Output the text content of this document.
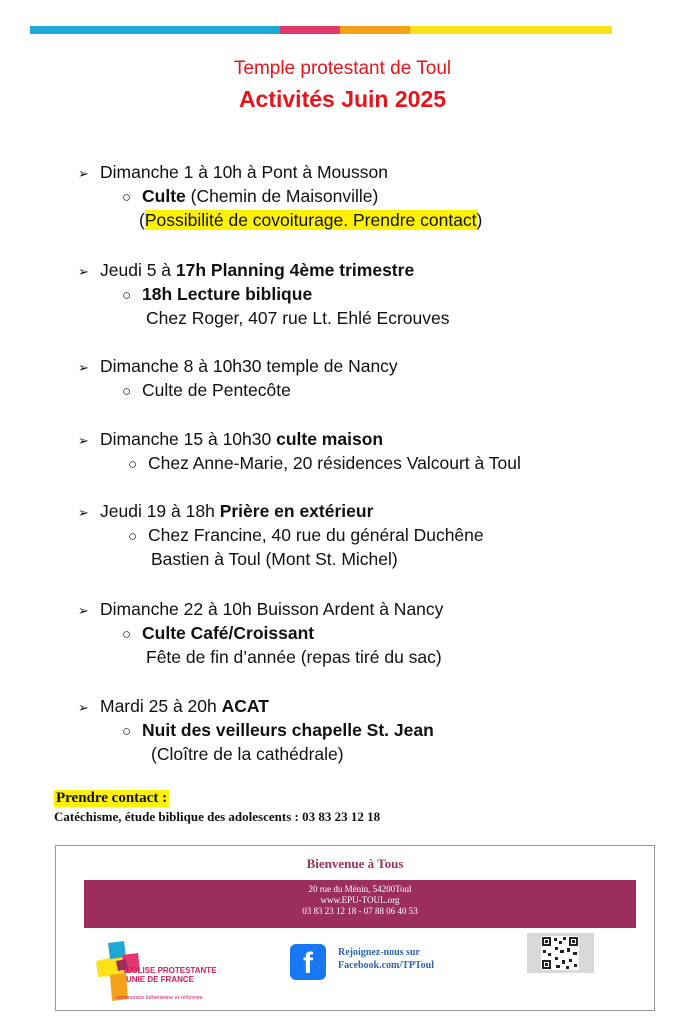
Temple protestant de Toul
Activités Juin 2025
➢ Dimanche 1 à 10h à Pont à Mousson
○ Culte (Chemin de Maisonville)
(Possibilité de covoiturage. Prendre contact)
➢ Jeudi 5 à 17h Planning 4ème trimestre
○ 18h Lecture biblique
Chez Roger, 407 rue Lt. Ehlé Ecrouves
➢ Dimanche 8 à 10h30 temple de Nancy
○ Culte de Pentecôte
➢ Dimanche 15 à 10h30 culte maison
○ Chez Anne-Marie, 20 résidences Valcourt à Toul
➢ Jeudi 19 à 18h Prière en extérieur
○ Chez Francine, 40 rue du général Duchêne
Bastien à Toul (Mont St. Michel)
➢ Dimanche 22 à 10h Buisson Ardent à Nancy
○ Culte Café/Croissant
Fête de fin d’année (repas tiré du sac)
➢ Mardi 25 à 20h ACAT
○ Nuit des veilleurs chapelle St. Jean
(Cloître de la cathédrale)
Prendre contact :
Catéchisme, étude biblique des adolescents : 03 83 23 12 18
Bienvenue à Tous
20 rue du Ménin, 54200Toul
www.EPU-TOUL.org
03 83 23 12 18 - 07 88 06 40 53
EGLISE PROTESTANTE
UNIE DE FRANCE
communion luthérienne et réformée
f	Rejoignez-nous sur
Facebook.com/TPToul
